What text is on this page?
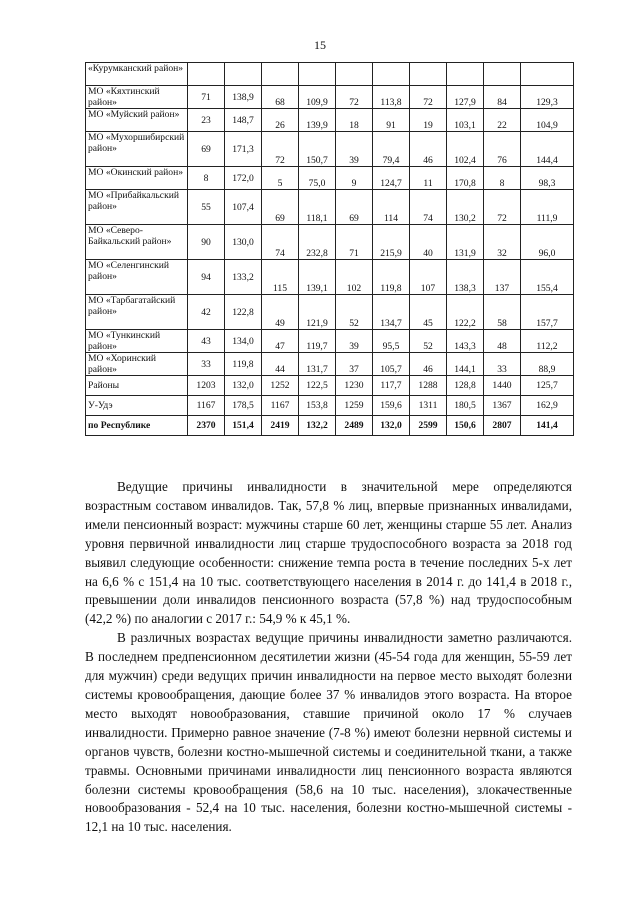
15
«Курумканский район»										
МО «Кяхтинский район»	71	138,9	68	109,9	72	113,8	72	127,9	84	129,3
МО «Муйский район»	23	148,7	26	139,9	18	91	19	103,1	22	104,9
МО «Мухоршибирский район»	69	171,3	72	150,7	39	79,4	46	102,4	76	144,4
МО «Окинский район»	8	172,0	5	75,0	9	124,7	11	170,8	8	98,3
МО «Прибайкальский район»	55	107,4	69	118,1	69	114	74	130,2	72	111,9
МО «Северо-Байкальский район»	90	130,0	74	232,8	71	215,9	40	131,9	32	96,0
МО «Селенгинский район»	94	133,2	115	139,1	102	119,8	107	138,3	137	155,4
МО «Тарбагатайский район»	42	122,8	49	121,9	52	134,7	45	122,2	58	157,7
МО «Тункинский район»	43	134,0	47	119,7	39	95,5	52	143,3	48	112,2
МО «Хоринский район»	33	119,8	44	131,7	37	105,7	46	144,1	33	88,9
Районы	1203	132,0	1252	122,5	1230	117,7	1288	128,8	1440	125,7
У-Удэ	1167	178,5	1167	153,8	1259	159,6	1311	180,5	1367	162,9
по Республике	2370	151,4	2419	132,2	2489	132,0	2599	150,6	2807	141,4

Ведущие причины инвалидности в значительной мере определяются возрастным составом инвалидов. Так, 57,8 % лиц, впервые признанных инвалидами, имели пенсионный возраст: мужчины старше 60 лет, женщины старше 55 лет. Анализ уровня первичной инвалидности лиц старше трудоспособного возраста за 2018 год выявил следующие особенности: снижение темпа роста в течение последних 5-х лет на 6,6 % с 151,4 на 10 тыс. соответствующего населения в 2014 г. до 141,4 в 2018 г., превышении доли инвалидов пенсионного возраста (57,8 %) над трудоспособным (42,2 %) по аналогии с 2017 г.: 54,9 % к 45,1 %.

В различных возрастах ведущие причины инвалидности заметно различаются. В последнем предпенсионном десятилетии жизни (45-54 года для женщин, 55-59 лет для мужчин) среди ведущих причин инвалидности на первое место выходят болезни системы кровообращения, дающие более 37 % инвалидов этого возраста. На второе место выходят новообразования, ставшие причиной около 17 % случаев инвалидности. Примерно равное значение (7-8 %) имеют болезни нервной системы и органов чувств, болезни костно-мышечной системы и соединительной ткани, а также травмы. Основными причинами инвалидности лиц пенсионного возраста являются болезни системы кровообращения (58,6 на 10 тыс. населения), злокачественные новообразования - 52,4 на 10 тыс. населения, болезни костно-мышечной системы - 12,1 на 10 тыс. населения.
